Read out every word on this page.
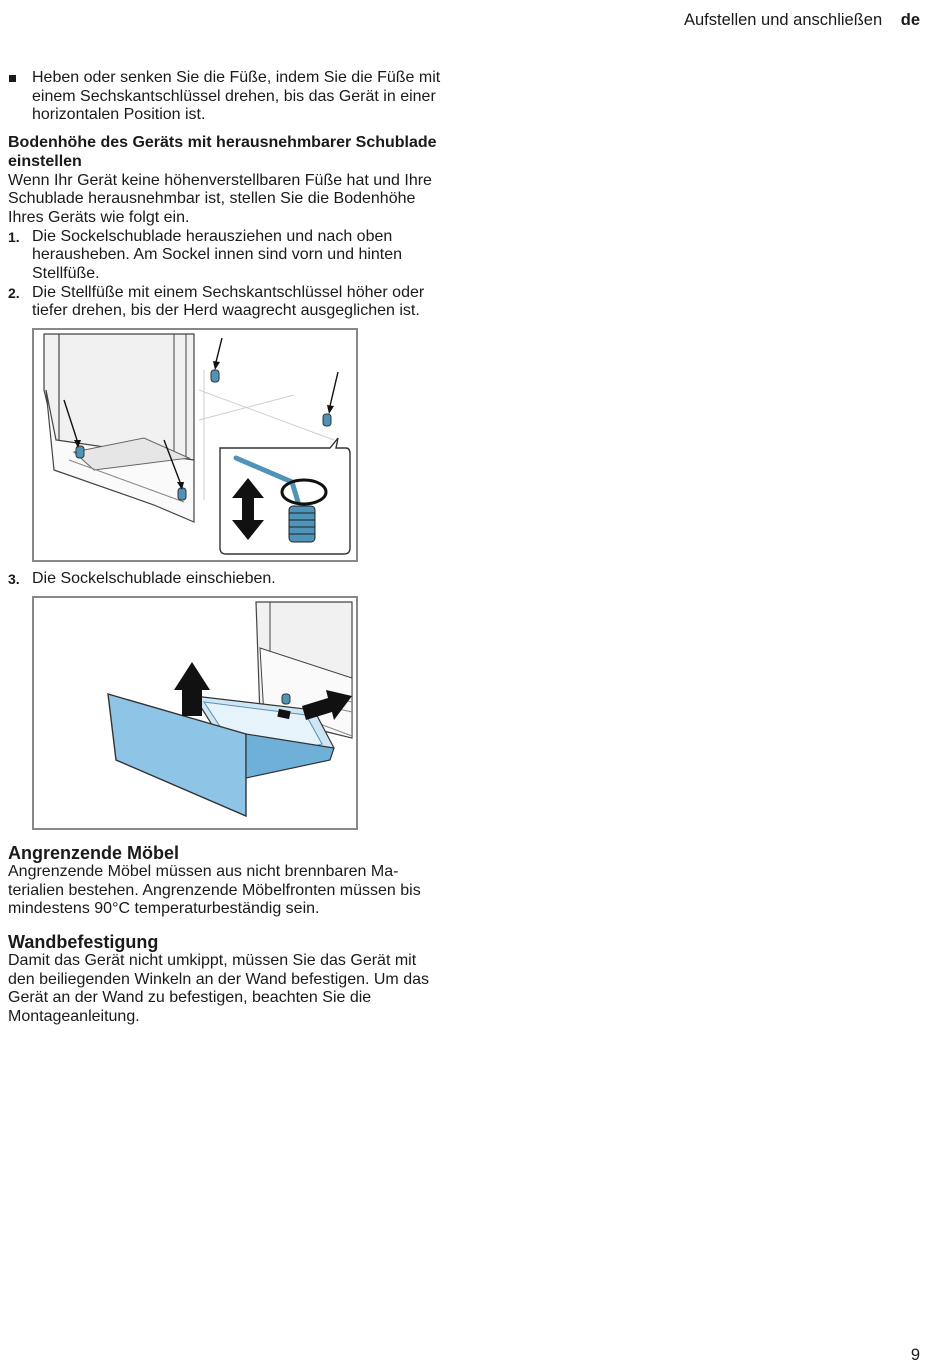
Aufstellen und anschließen de

Heben oder senken Sie die Füße, indem Sie die Füße mit einem Sechskantschlüssel drehen, bis das Gerät in einer horizontalen Position ist.

Bodenhöhe des Geräts mit herausnehmbarer Schublade einstellen

Wenn Ihr Gerät keine höhenverstellbaren Füße hat und Ihre Schublade herausnehmbar ist, stellen Sie die Bodenhöhe Ihres Geräts wie folgt ein.

1. Die Sockelschublade herausziehen und nach oben herausheben. Am Sockel innen sind vorn und hinten Stellfüße.

2. Die Stellfüße mit einem Sechskantschlüssel höher oder tiefer drehen, bis der Herd waagrecht ausgeglichen ist.

3. Die Sockelschublade einschieben.

Angrenzende Möbel

Angrenzende Möbel müssen aus nicht brennbaren Materialien bestehen. Angrenzende Möbelfronten müssen bis mindestens 90°C temperaturbeständig sein.

Wandbefestigung

Damit das Gerät nicht umkippt, müssen Sie das Gerät mit den beiliegenden Winkeln an der Wand befestigen. Um das Gerät an der Wand zu befestigen, beachten Sie die Montageanleitung.

9
